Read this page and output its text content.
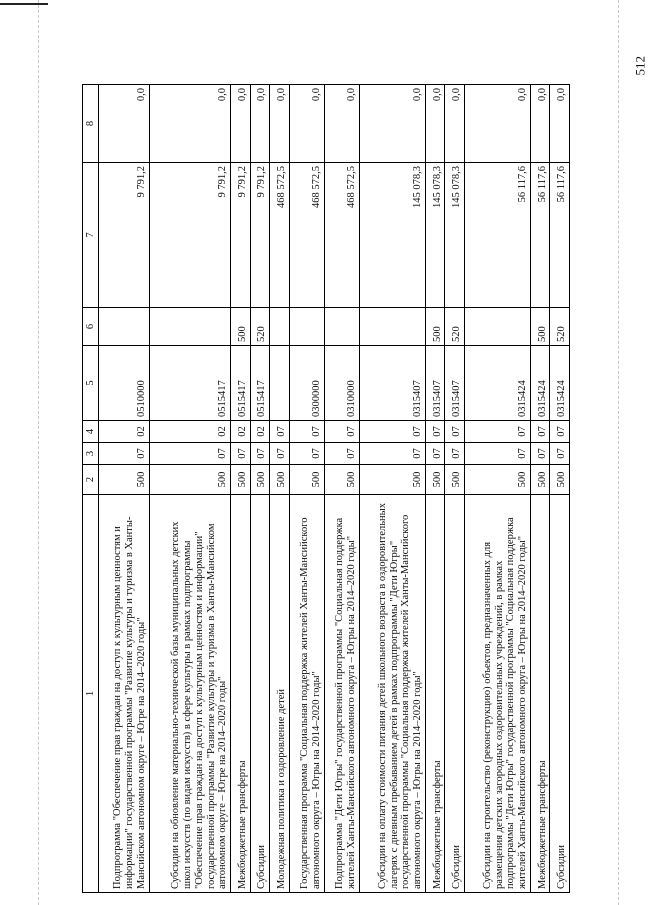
512
1	2	3	4	5	6	7	8
Подпрограмма "Обеспечение прав граждан на доступ к культурным ценностям и информации" государственной программы "Развитие культуры и туризма в Ханты-Мансийском автономном округе – Югре на 2014–2020 годы"	500	07	02	0510000		9 791,2	0,0
Субсидии на обновление материально-технической базы муниципальных детских школ искусств (по видам искусств) в сфере культуры в рамках подпрограммы "Обеспечение прав граждан на доступ к культурным ценностям и информации" государственной программы "Развитие культуры и туризма в Ханты-Мансийском автономном округе – Югре на 2014–2020 годы"	500	07	02	0515417		9 791,2	0,0
Межбюджетные трансферты	500	07	02	0515417	500	9 791,2	0,0
Субсидии	500	07	02	0515417	520	9 791,2	0,0
Молодежная политика и оздоровление детей	500	07	07			468 572,5	0,0
Государственная программа "Социальная поддержка жителей Ханты-Мансийского автономного округа – Югры на 2014–2020 годы"	500	07	07	0300000		468 572,5	0,0
Подпрограмма "Дети Югры" государственной программы "Социальная поддержка жителей Ханты-Мансийского автономного округа – Югры на 2014–2020 годы"	500	07	07	0310000		468 572,5	0,0
Субсидии на оплату стоимости питания детей школьного возраста в оздоровительных лагерях с дневным пребыванием детей в рамках подпрограммы "Дети Югры" государственной программы "Социальная поддержка жителей Ханты-Мансийского автономного округа – Югры на 2014–2020 годы"	500	07	07	0315407		145 078,3	0,0
Межбюджетные трансферты	500	07	07	0315407	500	145 078,3	0,0
Субсидии	500	07	07	0315407	520	145 078,3	0,0
Субсидии на строительство (реконструкцию) объектов, предназначенных для размещения детских загородных оздоровительных учреждений, в рамках подпрограммы "Дети Югры" государственной программы "Социальная поддержка жителей Ханты-Мансийского автономного округа – Югры на 2014–2020 годы"	500	07	07	0315424		56 117,6	0,0
Межбюджетные трансферты	500	07	07	0315424	500	56 117,6	0,0
Субсидии	500	07	07	0315424	520	56 117,6	0,0
